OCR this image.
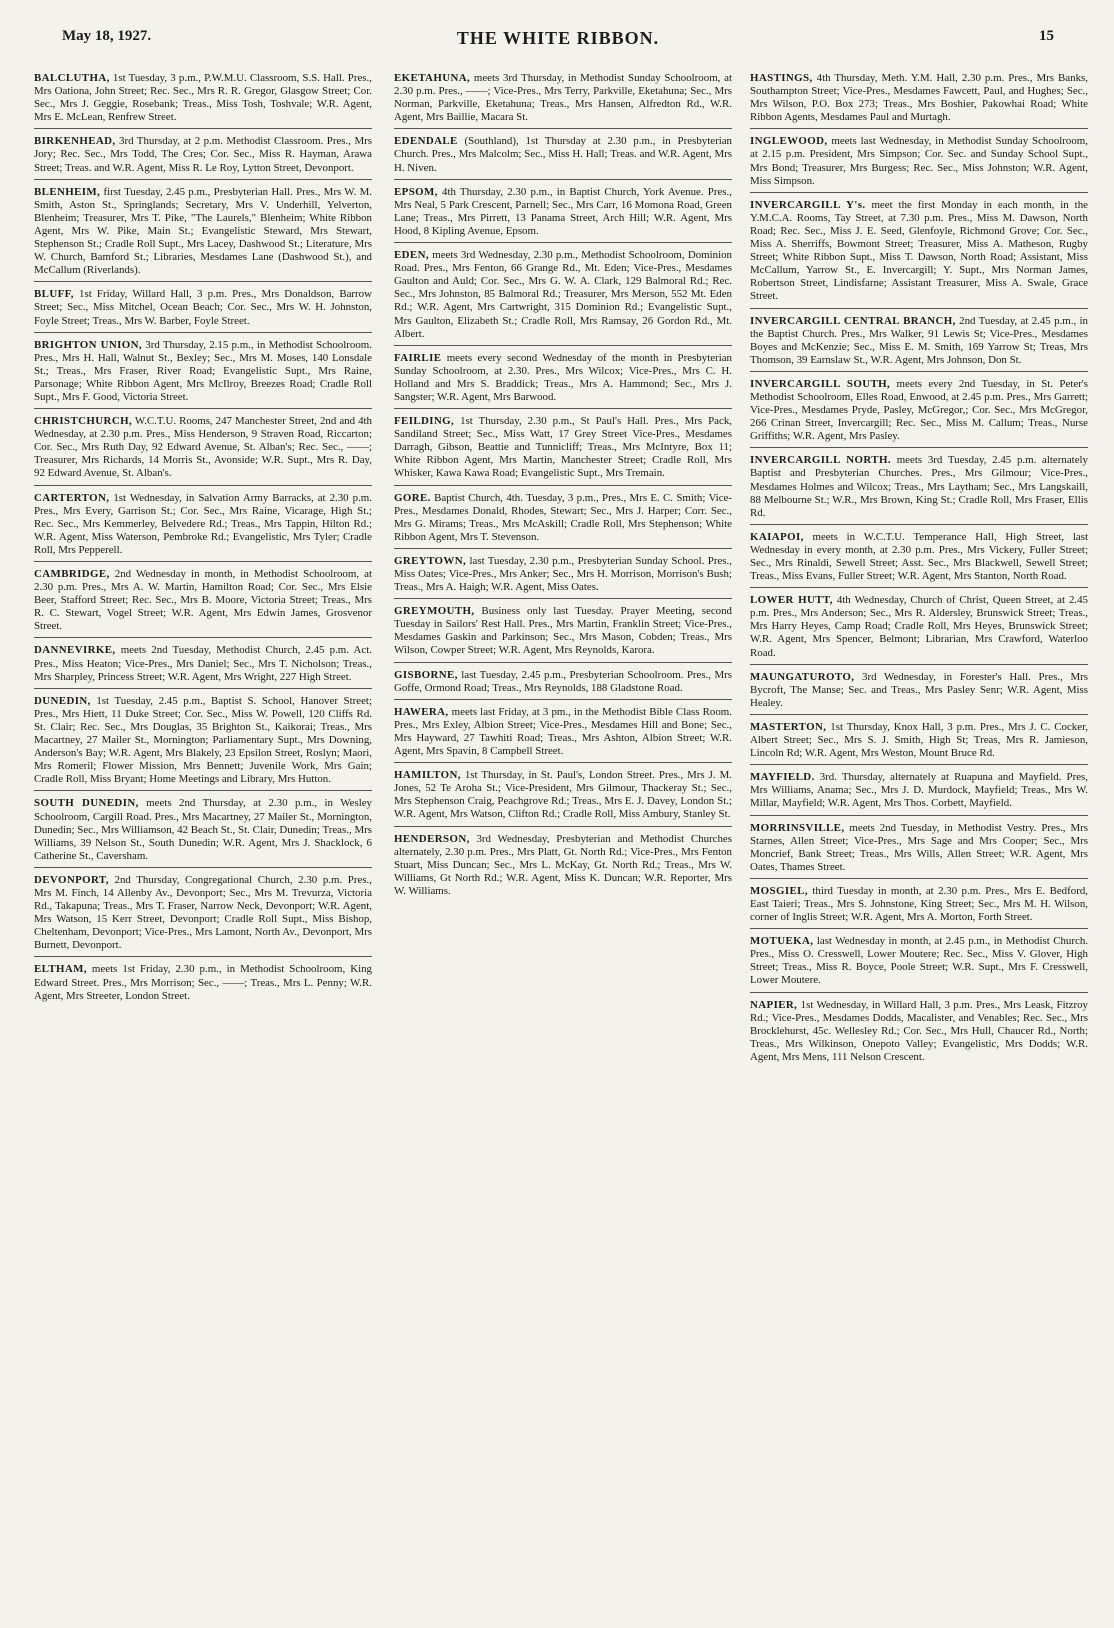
May 18, 1927.	THE WHITE RIBBON.	15

BALCLUTHA, 1st Tuesday, 3 p.m., P.W.M.U. Classroom, S.S. Hall. Pres., Mrs Oationa, John Street; Rec. Sec., Mrs R. R. Gregor, Glasgow Street; Cor. Sec., Mrs J. Geggie, Rosebank; Treas., Miss Tosh, Toshvale; W.R. Agent, Mrs E. McLean, Renfrew Street.

BIRKENHEAD, 3rd Thursday, at 2 p.m. Methodist Classroom. Pres., Mrs Jory; Rec. Sec., Mrs Todd, The Cres; Cor. Sec., Miss R. Hayman, Arawa Street; Treas. and W.R. Agent, Miss R. Le Roy, Lytton Street, Devonport.

BLENHEIM, first Tuesday, 2.45 p.m., Presbyterian Hall. Pres., Mrs W. M. Smith, Aston St., Springlands; Secretary, Mrs V. Underhill, Yelverton, Blenheim; Treasurer, Mrs T. Pike, "The Laurels," Blenheim; White Ribbon Agent, Mrs W. Pike, Main St.; Evangelistic Steward, Mrs Stewart, Stephenson St.; Cradle Roll Supt., Mrs Lacey, Dashwood St.; Literature, Mrs W. Church, Bamford St.; Libraries, Mesdames Lane (Dashwood St.), and McCallum (Riverlands).

BLUFF, 1st Friday, Willard Hall, 3 p.m. Pres., Mrs Donaldson, Barrow Street; Sec., Miss Mitchel, Ocean Beach; Cor. Sec., Mrs W. H. Johnston, Foyle Street; Treas., Mrs W. Barber, Foyle Street.

BRIGHTON UNION, 3rd Thursday, 2.15 p.m., in Methodist Schoolroom. Pres., Mrs H. Hall, Walnut St., Bexley; Sec., Mrs M. Moses, 140 Lonsdale St.; Treas., Mrs Fraser, River Road; Evangelistic Supt., Mrs Raine, Parsonage; White Ribbon Agent, Mrs McIlroy, Breezes Road; Cradle Roll Supt., Mrs F. Good, Victoria Street.

CHRISTCHURCH, W.C.T.U. Rooms, 247 Manchester Street, 2nd and 4th Wednesday, at 2.30 p.m. Pres., Miss Henderson, 9 Straven Road, Riccarton; Cor. Sec., Mrs Ruth Day, 92 Edward Avenue, St. Alban's; Rec. Sec., ——; Treasurer, Mrs Richards, 14 Morris St., Avonside; W.R. Supt., Mrs R. Day, 92 Edward Avenue, St. Alban's.

CARTERTON, 1st Wednesday, in Salvation Army Barracks, at 2.30 p.m. Pres., Mrs Every, Garrison St.; Cor. Sec., Mrs Raine, Vicarage, High St.; Rec. Sec., Mrs Kemmerley, Belvedere Rd.; Treas., Mrs Tappin, Hilton Rd.; W.R. Agent, Miss Waterson, Pembroke Rd.; Evangelistic, Mrs Tyler; Cradle Roll, Mrs Pepperell.

CAMBRIDGE, 2nd Wednesday in month, in Methodist Schoolroom, at 2.30 p.m. Pres., Mrs A. W. Martin, Hamilton Road; Cor. Sec., Mrs Elsie Beer, Stafford Street; Rec. Sec., Mrs B. Moore, Victoria Street; Treas., Mrs R. C. Stewart, Vogel Street; W.R. Agent, Mrs Edwin James, Grosvenor Street.

DANNEVIRKE, meets 2nd Tuesday, Methodist Church, 2.45 p.m. Act. Pres., Miss Heaton; Vice-Pres., Mrs Daniel; Sec., Mrs T. Nicholson; Treas., Mrs Sharpley, Princess Street; W.R. Agent, Mrs Wright, 227 High Street.

DUNEDIN, 1st Tuesday, 2.45 p.m., Baptist S. School, Hanover Street; Pres., Mrs Hiett, 11 Duke Street; Cor. Sec., Miss W. Powell, 120 Cliffs Rd. St. Clair; Rec. Sec., Mrs Douglas, 35 Brighton St., Kaikorai; Treas., Mrs Macartney, 27 Mailer St., Mornington; Parliamentary Supt., Mrs Downing, Anderson's Bay; W.R. Agent, Mrs Blakely, 23 Epsilon Street, Roslyn; Maori, Mrs Romeril; Flower Mission, Mrs Bennett; Juvenile Work, Mrs Gain; Cradle Roll, Miss Bryant; Home Meetings and Library, Mrs Hutton.

SOUTH DUNEDIN, meets 2nd Thursday, at 2.30 p.m., in Wesley Schoolroom, Cargill Road. Pres., Mrs Macartney, 27 Mailer St., Mornington, Dunedin; Sec., Mrs Williamson, 42 Beach St., St. Clair, Dunedin; Treas., Mrs Williams, 39 Nelson St., South Dunedin; W.R. Agent, Mrs J. Shacklock, 6 Catherine St., Caversham.

DEVONPORT, 2nd Thursday, Congregational Church, 2.30 p.m. Pres., Mrs M. Finch, 14 Allenby Av., Devonport; Sec., Mrs M. Trevurza, Victoria Rd., Takapuna; Treas., Mrs T. Fraser, Narrow Neck, Devonport; W.R. Agent, Mrs Watson, 15 Kerr Street, Devonport; Cradle Roll Supt., Miss Bishop, Cheltenham, Devonport; Vice-Pres., Mrs Lamont, North Av., Devonport, Mrs Burnett, Devonport.

ELTHAM, meets 1st Friday, 2.30 p.m., in Methodist Schoolroom, King Edward Street. Pres., Mrs Morrison; Sec., ——; Treas., Mrs L. Penny; W.R. Agent, Mrs Streeter, London Street.

EKETAHUNA, meets 3rd Thursday, in Methodist Sunday Schoolroom, at 2.30 p.m. Pres., ——; Vice-Pres., Mrs Terry, Parkville, Eketahuna; Sec., Mrs Norman, Parkville, Eketahuna; Treas., Mrs Hansen, Alfredton Rd., W.R. Agent, Mrs Baillie, Macara St.

EDENDALE (Southland), 1st Thursday at 2.30 p.m., in Presbyterian Church. Pres., Mrs Malcolm; Sec., Miss H. Hall; Treas. and W.R. Agent, Mrs H. Niven.

EPSOM, 4th Thursday, 2.30 p.m., in Baptist Church, York Avenue. Pres., Mrs Neal, 5 Park Crescent, Parnell; Sec., Mrs Carr, 16 Momona Road, Green Lane; Treas., Mrs Pirrett, 13 Panama Street, Arch Hill; W.R. Agent, Mrs Hood, 8 Kipling Avenue, Epsom.

EDEN, meets 3rd Wednesday, 2.30 p.m., Methodist Schoolroom, Dominion Road. Pres., Mrs Fenton, 66 Grange Rd., Mt. Eden; Vice-Pres., Mesdames Gaulton and Auld; Cor. Sec., Mrs G. W. A. Clark, 129 Balmoral Rd.; Rec. Sec., Mrs Johnston, 85 Balmoral Rd.; Treasurer, Mrs Merson, 552 Mt. Eden Rd.; W.R. Agent, Mrs Cartwright, 315 Dominion Rd.; Evangelistic Supt., Mrs Gaulton, Elizabeth St.; Cradle Roll, Mrs Ramsay, 26 Gordon Rd., Mt. Albert.

FAIRLIE meets every second Wednesday of the month in Presbyterian Sunday Schoolroom, at 2.30. Pres., Mrs Wilcox; Vice-Pres., Mrs C. H. Holland and Mrs S. Braddick; Treas., Mrs A. Hammond; Sec., Mrs J. Sangster; W.R. Agent, Mrs Barwood.

FEILDING, 1st Thursday, 2.30 p.m., St Paul's Hall. Pres., Mrs Pack, Sandiland Street; Sec., Miss Watt, 17 Grey Street Vice-Pres., Mesdames Darragh, Gibson, Beattie and Tunnicliff; Treas., Mrs McIntyre, Box 11; White Ribbon Agent, Mrs Martin, Manchester Street; Cradle Roll, Mrs Whisker, Kawa Kawa Road; Evangelistic Supt., Mrs Tremain.

GORE. Baptist Church, 4th. Tuesday, 3 p.m., Pres., Mrs E. C. Smith; Vice-Pres., Mesdames Donald, Rhodes, Stewart; Sec., Mrs J. Harper; Corr. Sec., Mrs G. Mirams; Treas., Mrs McAskill; Cradle Roll, Mrs Stephenson; White Ribbon Agent, Mrs T. Stevenson.

GREYTOWN, last Tuesday, 2.30 p.m., Presbyterian Sunday School. Pres., Miss Oates; Vice-Pres., Mrs Anker; Sec., Mrs H. Morrison, Morrison's Bush; Treas., Mrs A. Haigh; W.R. Agent, Miss Oates.

GREYMOUTH, Business only last Tuesday. Prayer Meeting, second Tuesday in Sailors' Rest Hall. Pres., Mrs Martin, Franklin Street; Vice-Pres., Mesdames Gaskin and Parkinson; Sec., Mrs Mason, Cobden; Treas., Mrs Wilson, Cowper Street; W.R. Agent, Mrs Reynolds, Karora.

GISBORNE, last Tuesday, 2.45 p.m., Presbyterian Schoolroom. Pres., Mrs Goffe, Ormond Road; Treas., Mrs Reynolds, 188 Gladstone Road.

HAWERA, meets last Friday, at 3 pm., in the Methodist Bible Class Room. Pres., Mrs Exley, Albion Street; Vice-Pres., Mesdames Hill and Bone; Sec., Mrs Hayward, 27 Tawhiti Road; Treas., Mrs Ashton, Albion Street; W.R. Agent, Mrs Spavin, 8 Campbell Street.

HAMILTON, 1st Thursday, in St. Paul's, London Street. Pres., Mrs J. M. Jones, 52 Te Aroha St.; Vice-President, Mrs Gilmour, Thackeray St.; Sec., Mrs Stephenson Craig, Peachgrove Rd.; Treas., Mrs E. J. Davey, London St.; W.R. Agent, Mrs Watson, Clifton Rd.; Cradle Roll, Miss Ambury, Stanley St.

HENDERSON, 3rd Wednesday, Presbyterian and Methodist Churches alternately, 2.30 p.m. Pres., Mrs Platt, Gt. North Rd.; Vice-Pres., Mrs Fenton Stuart, Miss Duncan; Sec., Mrs L. McKay, Gt. North Rd.; Treas., Mrs W. Williams, Gt North Rd.; W.R. Agent, Miss K. Duncan; W.R. Reporter, Mrs W. Williams.

HASTINGS, 4th Thursday, Meth. Y.M. Hall, 2.30 p.m. Pres., Mrs Banks, Southampton Street; Vice-Pres., Mesdames Fawcett, Paul, and Hughes; Sec., Mrs Wilson, P.O. Box 273; Treas., Mrs Boshier, Pakowhai Road; White Ribbon Agents, Mesdames Paul and Murtagh.

INGLEWOOD, meets last Wednesday, in Methodist Sunday Schoolroom, at 2.15 p.m. President, Mrs Simpson; Cor. Sec. and Sunday School Supt., Mrs Bond; Treasurer, Mrs Burgess; Rec. Sec., Miss Johnston; W.R. Agent, Miss Simpson.

INVERCARGILL Y's. meet the first Monday in each month, in the Y.M.C.A. Rooms, Tay Street, at 7.30 p.m. Pres., Miss M. Dawson, North Road; Rec. Sec., Miss J. E. Seed, Glenfoyle, Richmond Grove; Cor. Sec., Miss A. Sherriffs, Bowmont Street; Treasurer, Miss A. Matheson, Rugby Street; White Ribbon Supt., Miss T. Dawson, North Road; Assistant, Miss McCallum, Yarrow St., E. Invercargill; Y. Supt., Mrs Norman James, Robertson Street, Lindisfarne; Assistant Treasurer, Miss A. Swale, Grace Street.

INVERCARGILL CENTRAL BRANCH, 2nd Tuesday, at 2.45 p.m., in the Baptist Church. Pres., Mrs Walker, 91 Lewis St; Vice-Pres., Mesdames Boyes and McKenzie; Sec., Miss E. M. Smith, 169 Yarrow St; Treas, Mrs Thomson, 39 Earnslaw St., W.R. Agent, Mrs Johnson, Don St.

INVERCARGILL SOUTH, meets every 2nd Tuesday, in St. Peter's Methodist Schoolroom, Elles Road, Enwood, at 2.45 p.m. Pres., Mrs Garrett; Vice-Pres., Mesdames Pryde, Pasley, McGregor,; Cor. Sec., Mrs McGregor, 266 Crinan Street, Invercargill; Rec. Sec., Miss M. Callum; Treas., Nurse Griffiths; W.R. Agent, Mrs Pasley.

INVERCARGILL NORTH. meets 3rd Tuesday, 2.45 p.m. alternately Baptist and Presbyterian Churches. Pres., Mrs Gilmour; Vice-Pres., Mesdames Holmes and Wilcox; Treas., Mrs Laytham; Sec., Mrs Langskaill, 88 Melbourne St.; W.R., Mrs Brown, King St.; Cradle Roll, Mrs Fraser, Ellis Rd.

KAIAPOI, meets in W.C.T.U. Temperance Hall, High Street, last Wednesday in every month, at 2.30 p.m. Pres., Mrs Vickery, Fuller Street; Sec., Mrs Rinaldi, Sewell Street; Asst. Sec., Mrs Blackwell, Sewell Street; Treas., Miss Evans, Fuller Street; W.R. Agent, Mrs Stanton, North Road.

LOWER HUTT, 4th Wednesday, Church of Christ, Queen Street, at 2.45 p.m. Pres., Mrs Anderson; Sec., Mrs R. Aldersley, Brunswick Street; Treas., Mrs Harry Heyes, Camp Road; Cradle Roll, Mrs Heyes, Brunswick Street; W.R. Agent, Mrs Spencer, Belmont; Librarian, Mrs Crawford, Waterloo Road.

MAUNGATUROTO, 3rd Wednesday, in Forester's Hall. Pres., Mrs Bycroft, The Manse; Sec. and Treas., Mrs Pasley Senr; W.R. Agent, Miss Healey.

MASTERTON, 1st Thursday, Knox Hall, 3 p.m. Pres., Mrs J. C. Cocker, Albert Street; Sec., Mrs S. J. Smith, High St; Treas, Mrs R. Jamieson, Lincoln Rd; W.R. Agent, Mrs Weston, Mount Bruce Rd.

MAYFIELD. 3rd. Thursday, alternately at Ruapuna and Mayfield. Pres, Mrs Williams, Anama; Sec., Mrs J. D. Murdock, Mayfield; Treas., Mrs W. Millar, Mayfield; W.R. Agent, Mrs Thos. Corbett, Mayfield.

MORRINSVILLE, meets 2nd Tuesday, in Methodist Vestry. Pres., Mrs Starnes, Allen Street; Vice-Pres., Mrs Sage and Mrs Cooper; Sec., Mrs Moncrief, Bank Street; Treas., Mrs Wills, Allen Street; W.R. Agent, Mrs Oates, Thames Street.

MOSGIEL, third Tuesday in month, at 2.30 p.m. Pres., Mrs E. Bedford, East Taieri; Treas., Mrs S. Johnstone, King Street; Sec., Mrs M. H. Wilson, corner of Inglis Street; W.R. Agent, Mrs A. Morton, Forth Street.

MOTUEKA, last Wednesday in month, at 2.45 p.m., in Methodist Church. Pres., Miss O. Cresswell, Lower Moutere; Rec. Sec., Miss V. Glover, High Street; Treas., Miss R. Boyce, Poole Street; W.R. Supt., Mrs F. Cresswell, Lower Moutere.

NAPIER, 1st Wednesday, in Willard Hall, 3 p.m. Pres., Mrs Leask, Fitzroy Rd.; Vice-Pres., Mesdames Dodds, Macalister, and Venables; Rec. Sec., Mrs Brocklehurst, 45c. Wellesley Rd.; Cor. Sec., Mrs Hull, Chaucer Rd., North; Treas., Mrs Wilkinson, Onepoto Valley; Evangelistic, Mrs Dodds; W.R. Agent, Mrs Mens, 111 Nelson Crescent.
